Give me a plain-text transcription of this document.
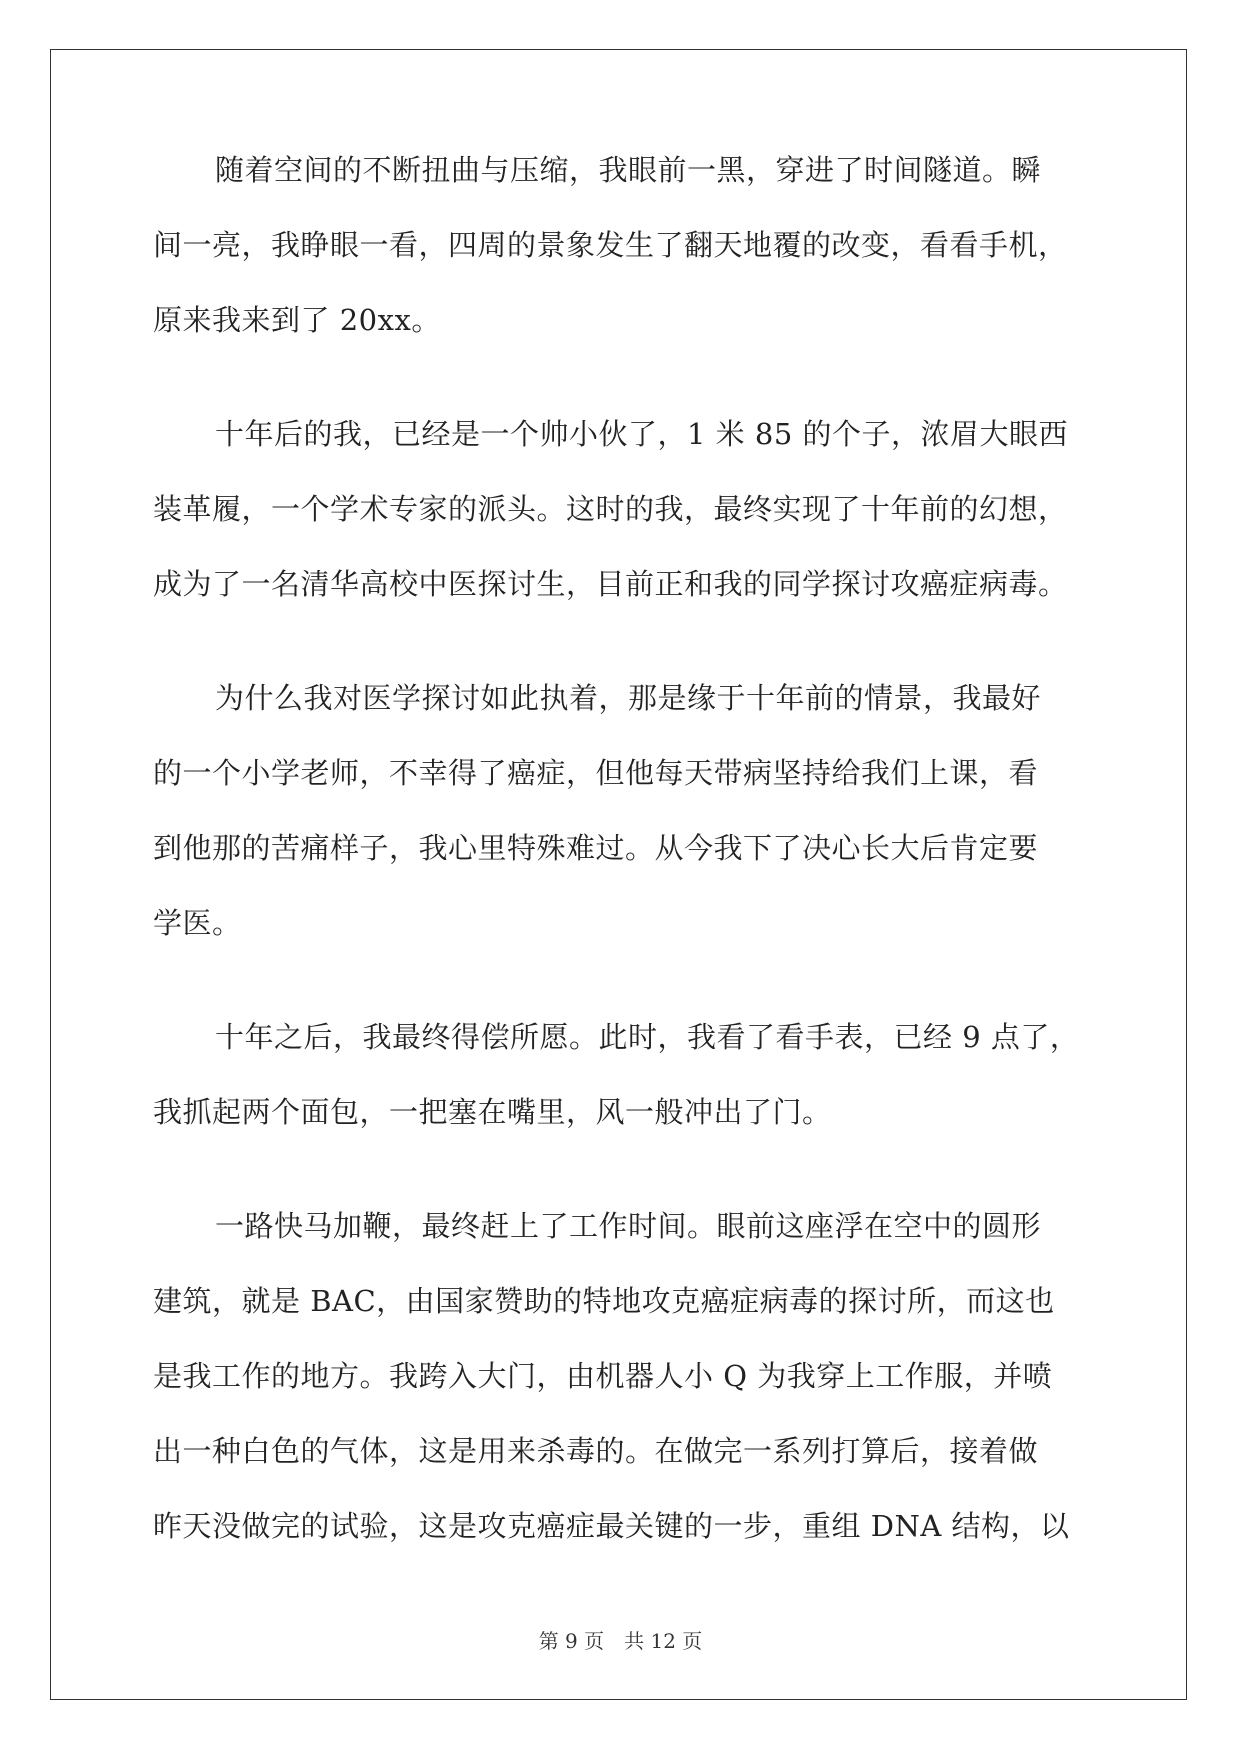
随着空间的不断扭曲与压缩，我眼前一黑，穿进了时间隧道。瞬
间一亮，我睁眼一看，四周的景象发生了翻天地覆的改变，看看手机，
原来我来到了 20xx。
十年后的我，已经是一个帅小伙了，1 米 85 的个子，浓眉大眼西
装革履，一个学术专家的派头。这时的我，最终实现了十年前的幻想，
成为了一名清华高校中医探讨生，目前正和我的同学探讨攻癌症病毒。
为什么我对医学探讨如此执着，那是缘于十年前的情景，我最好
的一个小学老师，不幸得了癌症，但他每天带病坚持给我们上课，看
到他那的苦痛样子，我心里特殊难过。从今我下了决心长大后肯定要
学医。
十年之后，我最终得偿所愿。此时，我看了看手表，已经 9 点了，
我抓起两个面包，一把塞在嘴里，风一般冲出了门。
一路快马加鞭，最终赶上了工作时间。眼前这座浮在空中的圆形
建筑，就是 BAC，由国家赞助的特地攻克癌症病毒的探讨所，而这也
是我工作的地方。我跨入大门，由机器人小 Q 为我穿上工作服，并喷
出一种白色的气体，这是用来杀毒的。在做完一系列打算后，接着做
昨天没做完的试验，这是攻克癌症最关键的一步，重组 DNA 结构，以
第 9 页 共 12 页
